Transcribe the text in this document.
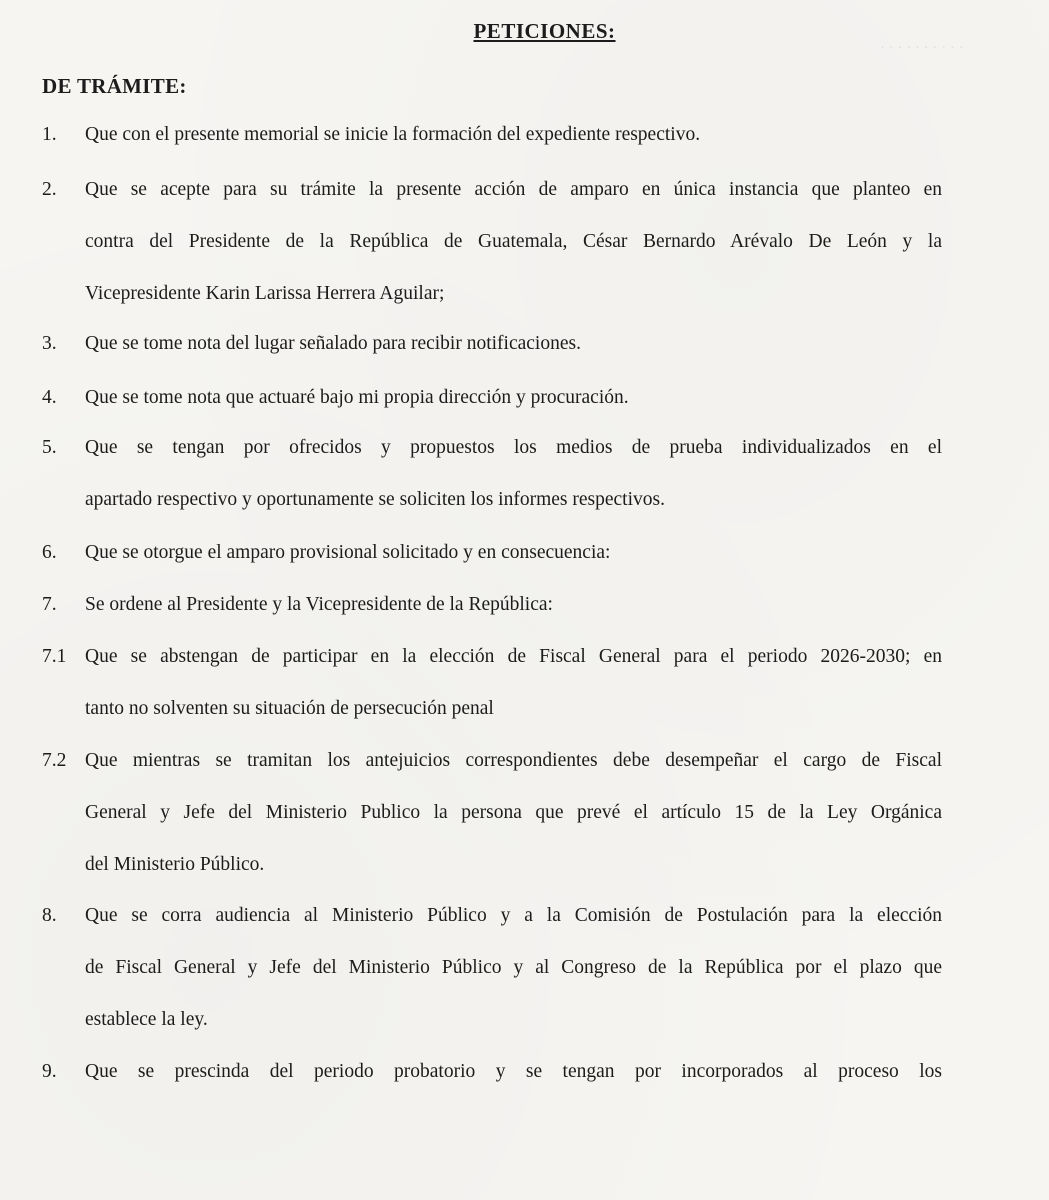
· · · · · · · · · ·
PETICIONES:
DE TRÁMITE:
1. Que con el presente memorial se inicie la formación del expediente respectivo.
2. Que se acepte para su trámite la presente acción de amparo en única instancia que planteo en
contra del Presidente de la República de Guatemala, César Bernardo Arévalo De León y la
Vicepresidente Karin Larissa Herrera Aguilar;
3. Que se tome nota del lugar señalado para recibir notificaciones.
4. Que se tome nota que actuaré bajo mi propia dirección y procuración.
5. Que se tengan por ofrecidos y propuestos los medios de prueba individualizados en el
apartado respectivo y oportunamente se soliciten los informes respectivos.
6. Que se otorgue el amparo provisional solicitado y en consecuencia:
7. Se ordene al Presidente y la Vicepresidente de la República:
7.1 Que se abstengan de participar en la elección de Fiscal General para el periodo 2026-2030; en
tanto no solventen su situación de persecución penal
7.2 Que mientras se tramitan los antejuicios correspondientes debe desempeñar el cargo de Fiscal
General y Jefe del Ministerio Publico la persona que prevé el artículo 15 de la Ley Orgánica
del Ministerio Público.
8. Que se corra audiencia al Ministerio Público y a la Comisión de Postulación para la elección
de Fiscal General y Jefe del Ministerio Público y al Congreso de la República por el plazo que
establece la ley.
9. Que se prescinda del periodo probatorio y se tengan por incorporados al proceso los
